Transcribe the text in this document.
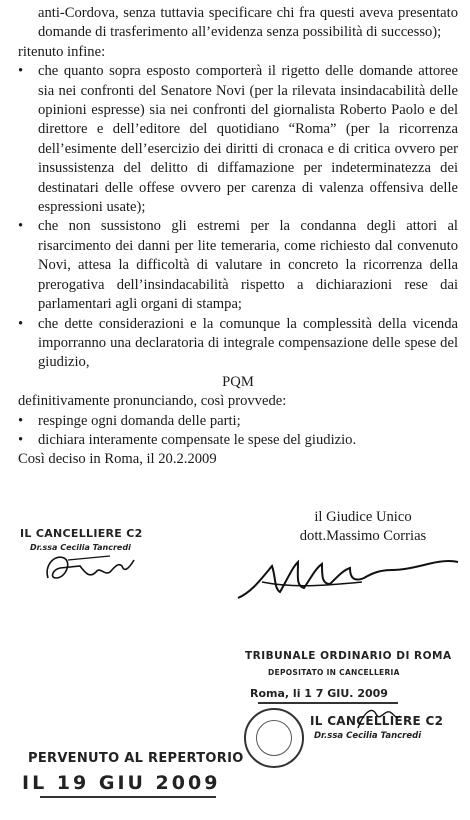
anti-Cordova, senza tuttavia specificare chi fra questi aveva presentato domande di trasferimento all’evidenza senza possibilità di successo);

ritenuto infine:

• che quanto sopra esposto comporterà il rigetto delle domande attoree sia nei confronti del Senatore Novi (per la rilevata insindacabilità delle opinioni espresse) sia nei confronti del giornalista Roberto Paolo e del direttore e dell’editore del quotidiano “Roma” (per la ricorrenza dell’esimente dell’esercizio dei diritti di cronaca e di critica ovvero per insussistenza del delitto di diffamazione per indeterminatezza dei destinatari delle offese ovvero per carenza di valenza offensiva delle espressioni usate);

• che non sussistono gli estremi per la condanna degli attori al risarcimento dei danni per lite temeraria, come richiesto dal convenuto Novi, attesa la difficoltà di valutare in concreto la ricorrenza della prerogativa dell’insindacabilità rispetto a dichiarazioni rese dai parlamentari agli organi di stampa;

• che dette considerazioni e la comunque la complessità della vicenda imporranno una declaratoria di integrale compensazione delle spese del giudizio,

PQM

definitivamente pronunciando, così provvede:

• respinge ogni domanda delle parti;

• dichiara interamente compensate le spese del giudizio.

Così deciso in Roma, il 20.2.2009

il Giudice Unico
dott.Massimo Corrias
IL CANCELLIERE C2
Dr.ssa Cecilia Tancredi
TRIBUNALE ORDINARIO DI ROMA
DEPOSITATO IN CANCELLERIA
Roma, li 1 7 GIU. 2009
IL CANCELLIERE C2
Dr.ssa Cecilia Tancredi
PERVENUTO AL REPERTORIO
IL 19 GIU 2009
